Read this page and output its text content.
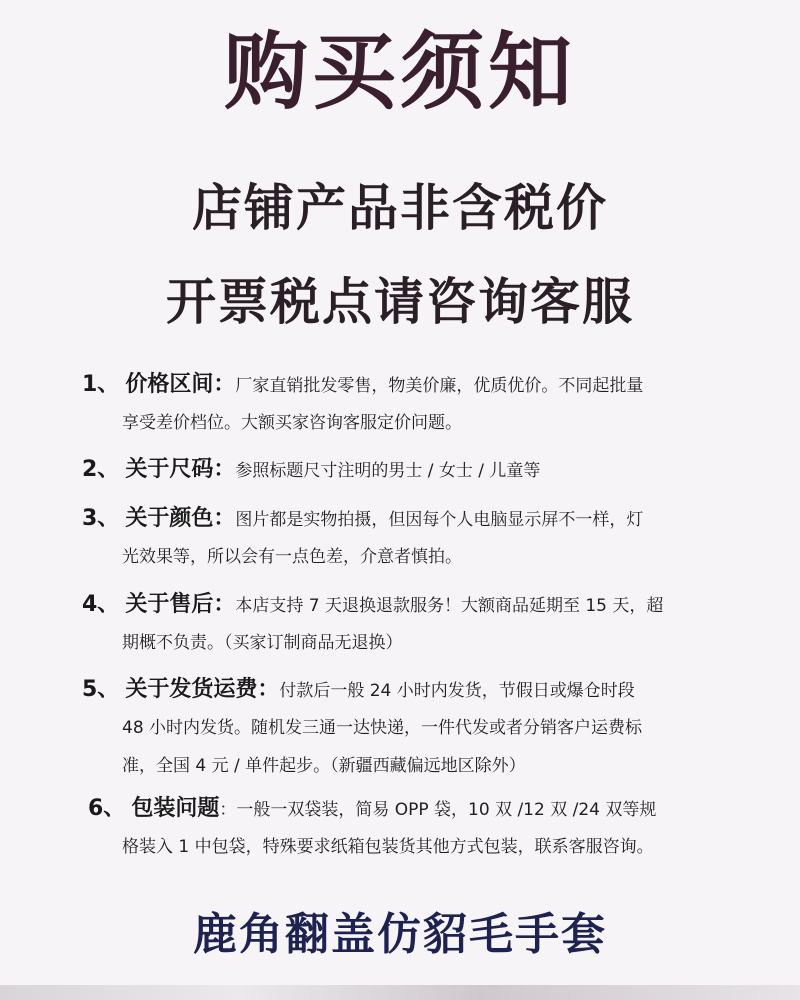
购买须知
店铺产品非含税价
开票税点请咨询客服
1、 价格区间：厂家直销批发零售，物美价廉，优质优价。不同起批量
享受差价档位。大额买家咨询客服定价问题。
2、 关于尺码：参照标题尺寸注明的男士 / 女士 / 儿童等
3、 关于颜色：图片都是实物拍摄，但因每个人电脑显示屏不一样，灯
光效果等，所以会有一点色差，介意者慎拍。
4、 关于售后：本店支持 7 天退换退款服务！大额商品延期至 15 天，超
期概不负责。（买家订制商品无退换）
5、 关于发货运费：付款后一般 24 小时内发货，节假日或爆仓时段
48 小时内发货。随机发三通一达快递，一件代发或者分销客户运费标
准，全国 4 元 / 单件起步。（新疆西藏偏远地区除外）
6、 包装问题：一般一双袋装，简易 OPP 袋，10 双 /12 双 /24 双等规
格装入 1 中包袋，特殊要求纸箱包装货其他方式包装，联系客服咨询。
鹿角翻盖仿貂毛手套
